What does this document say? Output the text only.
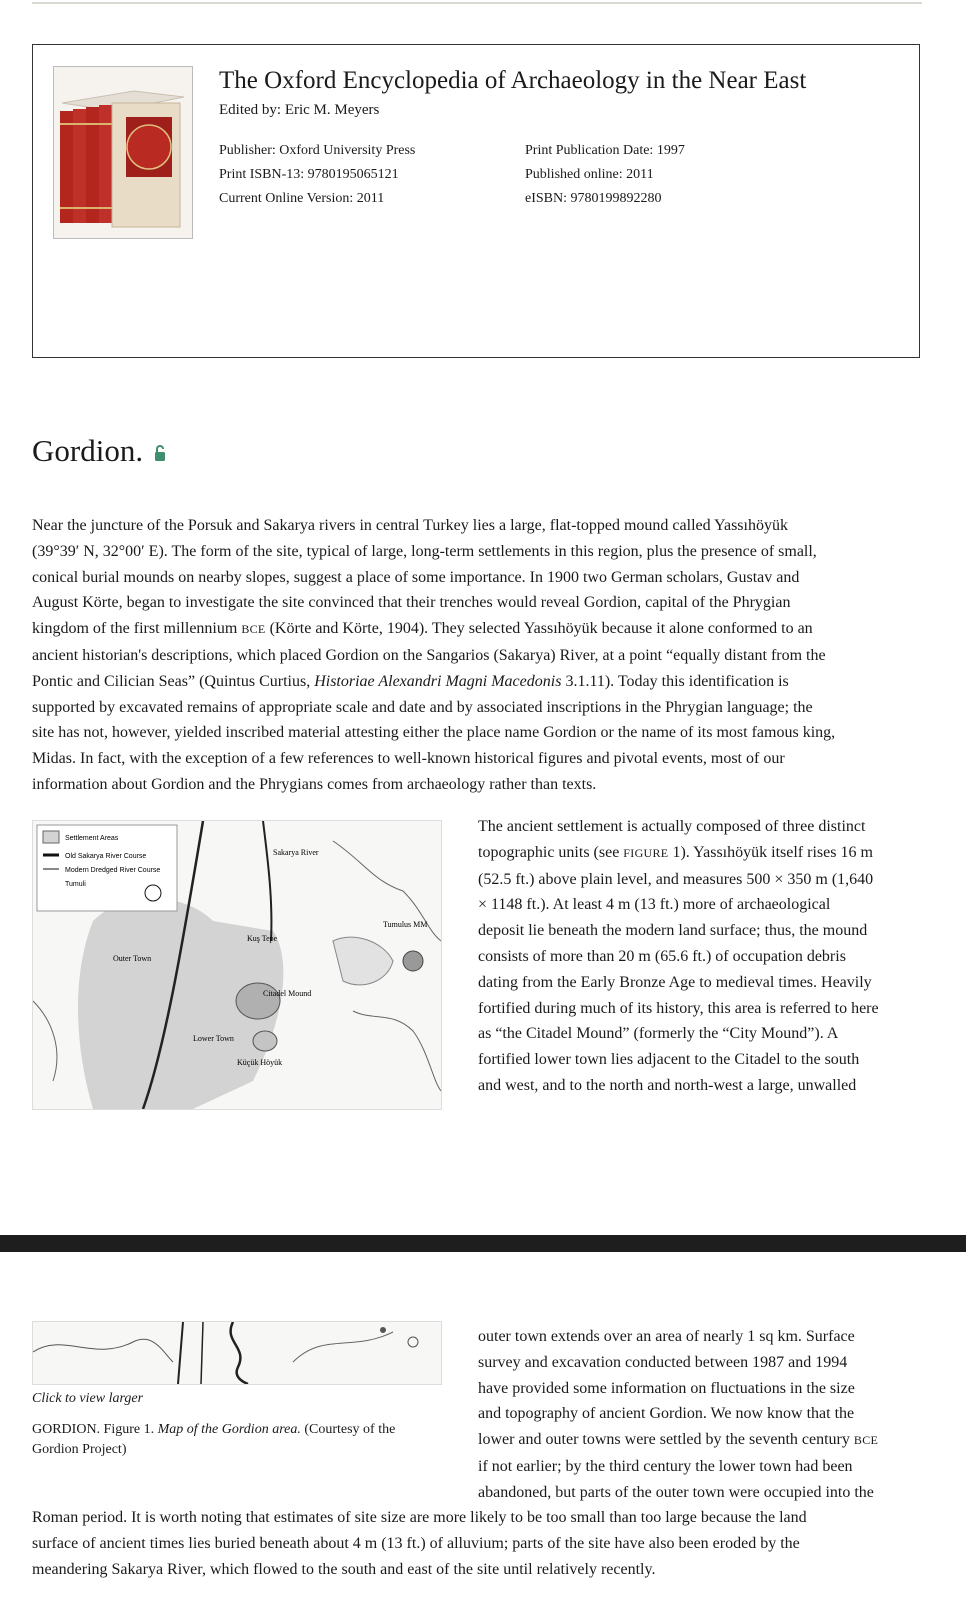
The Oxford Encyclopedia of Archaeology in the Near East
Edited by: Eric M. Meyers
Publisher: Oxford University Press
Print ISBN-13: 9780195065121
Current Online Version: 2011
Print Publication Date: 1997
Published online: 2011
eISBN: 9780199892280
Gordion.
Near the juncture of the Porsuk and Sakarya rivers in central Turkey lies a large, flat-topped mound called Yassıhöyük
(39°39′ N, 32°00′ E). The form of the site, typical of large, long-term settlements in this region, plus the presence of small,
conical burial mounds on nearby slopes, suggest a place of some importance. In 1900 two German scholars, Gustav and
August Körte, began to investigate the site convinced that their trenches would reveal Gordion, capital of the Phrygian
kingdom of the first millennium BCE (Körte and Körte, 1904). They selected Yassıhöyük because it alone conformed to an
ancient historian's descriptions, which placed Gordion on the Sangarios (Sakarya) River, at a point “equally distant from the
Pontic and Cilician Seas” (Quintus Curtius, Historiae Alexandri Magni Macedonis 3.1.11). Today this identification is
supported by excavated remains of appropriate scale and date and by associated inscriptions in the Phrygian language; the
site has not, however, yielded inscribed material attesting either the place name Gordion or the name of its most famous king,
Midas. In fact, with the exception of a few references to well-known historical figures and pivotal events, most of our
information about Gordion and the Phrygians comes from archaeology rather than texts.
Settlement Areas
Old Sakarya River Course
Modern Dredged River Course
Tumuli
Outer Town
Lower Town
Citadel Mound
Kuş Tepe
Küçük Höyük
Sakarya River
Tumulus MM
The ancient settlement is actually composed of three distinct
topographic units (see FIGURE 1). Yassıhöyük itself rises 16 m
(52.5 ft.) above plain level, and measures 500 × 350 m (1,640
× 1148 ft.). At least 4 m (13 ft.) more of archaeological
deposit lie beneath the modern land surface; thus, the mound
consists of more than 20 m (65.6 ft.) of occupation debris
dating from the Early Bronze Age to medieval times. Heavily
fortified during much of its history, this area is referred to here
as “the Citadel Mound” (formerly the “City Mound”). A
fortified lower town lies adjacent to the Citadel to the south
and west, and to the north and north-west a large, unwalled
Click to view larger
GORDION. Figure 1. Map of the Gordion area. (Courtesy of the Gordion Project)
outer town extends over an area of nearly 1 sq km. Surface
survey and excavation conducted between 1987 and 1994
have provided some information on fluctuations in the size
and topography of ancient Gordion. We now know that the
lower and outer towns were settled by the seventh century BCE
if not earlier; by the third century the lower town had been
abandoned, but parts of the outer town were occupied into the
Roman period. It is worth noting that estimates of site size are more likely to be too small than too large because the land
surface of ancient times lies buried beneath about 4 m (13 ft.) of alluvium; parts of the site have also been eroded by the
meandering Sakarya River, which flowed to the south and east of the site until relatively recently.
